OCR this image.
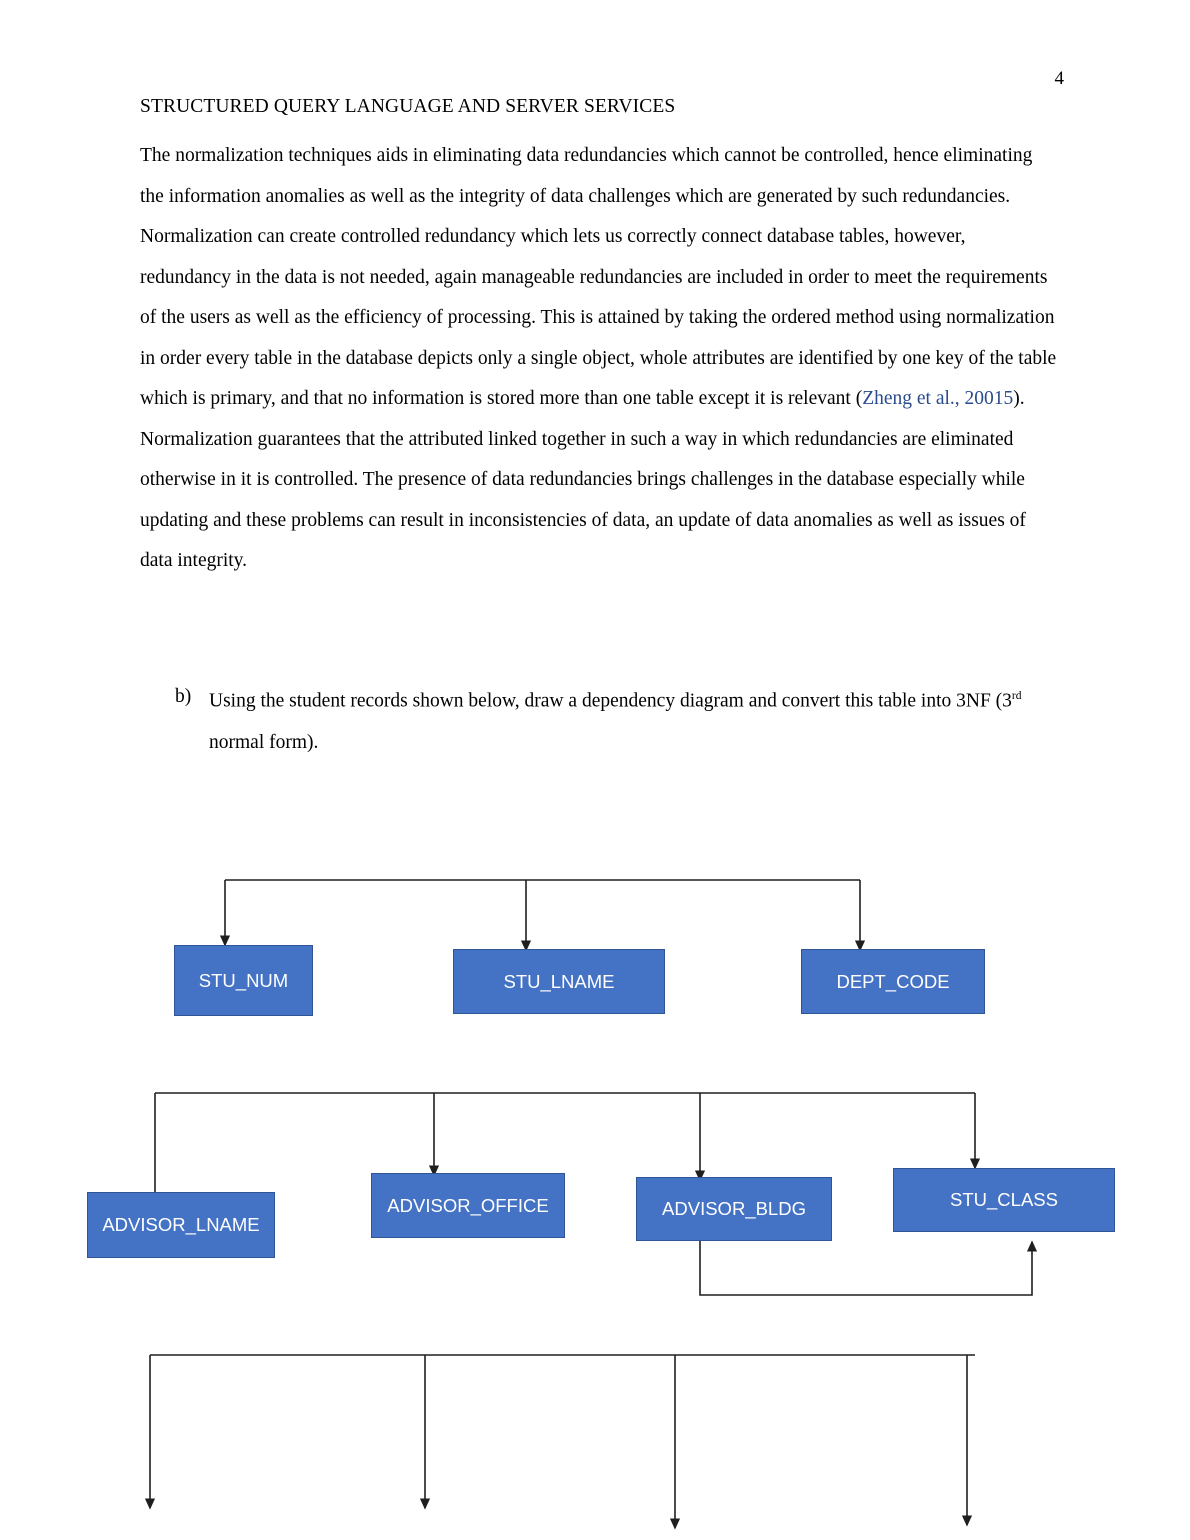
4
STRUCTURED QUERY LANGUAGE AND SERVER SERVICES
The normalization techniques aids in eliminating data redundancies which cannot be controlled, hence eliminating the information anomalies as well as the integrity of data challenges which are generated by such redundancies. Normalization can create controlled redundancy which lets us correctly connect database tables, however, redundancy in the data is not needed, again manageable redundancies are included in order to meet the requirements of the users as well as the efficiency of processing. This is attained by taking the ordered method using normalization in order every table in the database depicts only a single object, whole attributes are identified by one key of the table which is primary, and that no information is stored more than one table except it is relevant (Zheng et al., 20015). Normalization guarantees that the attributed linked together in such a way in which redundancies are eliminated otherwise in it is controlled. The presence of data redundancies brings challenges in the database especially while updating and these problems can result in inconsistencies of data, an update of data anomalies as well as issues of data integrity.
b) Using the student records shown below, draw a dependency diagram and convert this table into 3NF (3rd normal form).
STU_NUM	STU_LNAME	DEPT_CODE
ADVISOR_LNAME
ADVISOR_OFFICE	ADVISOR_BLDG	STU_CLASS
